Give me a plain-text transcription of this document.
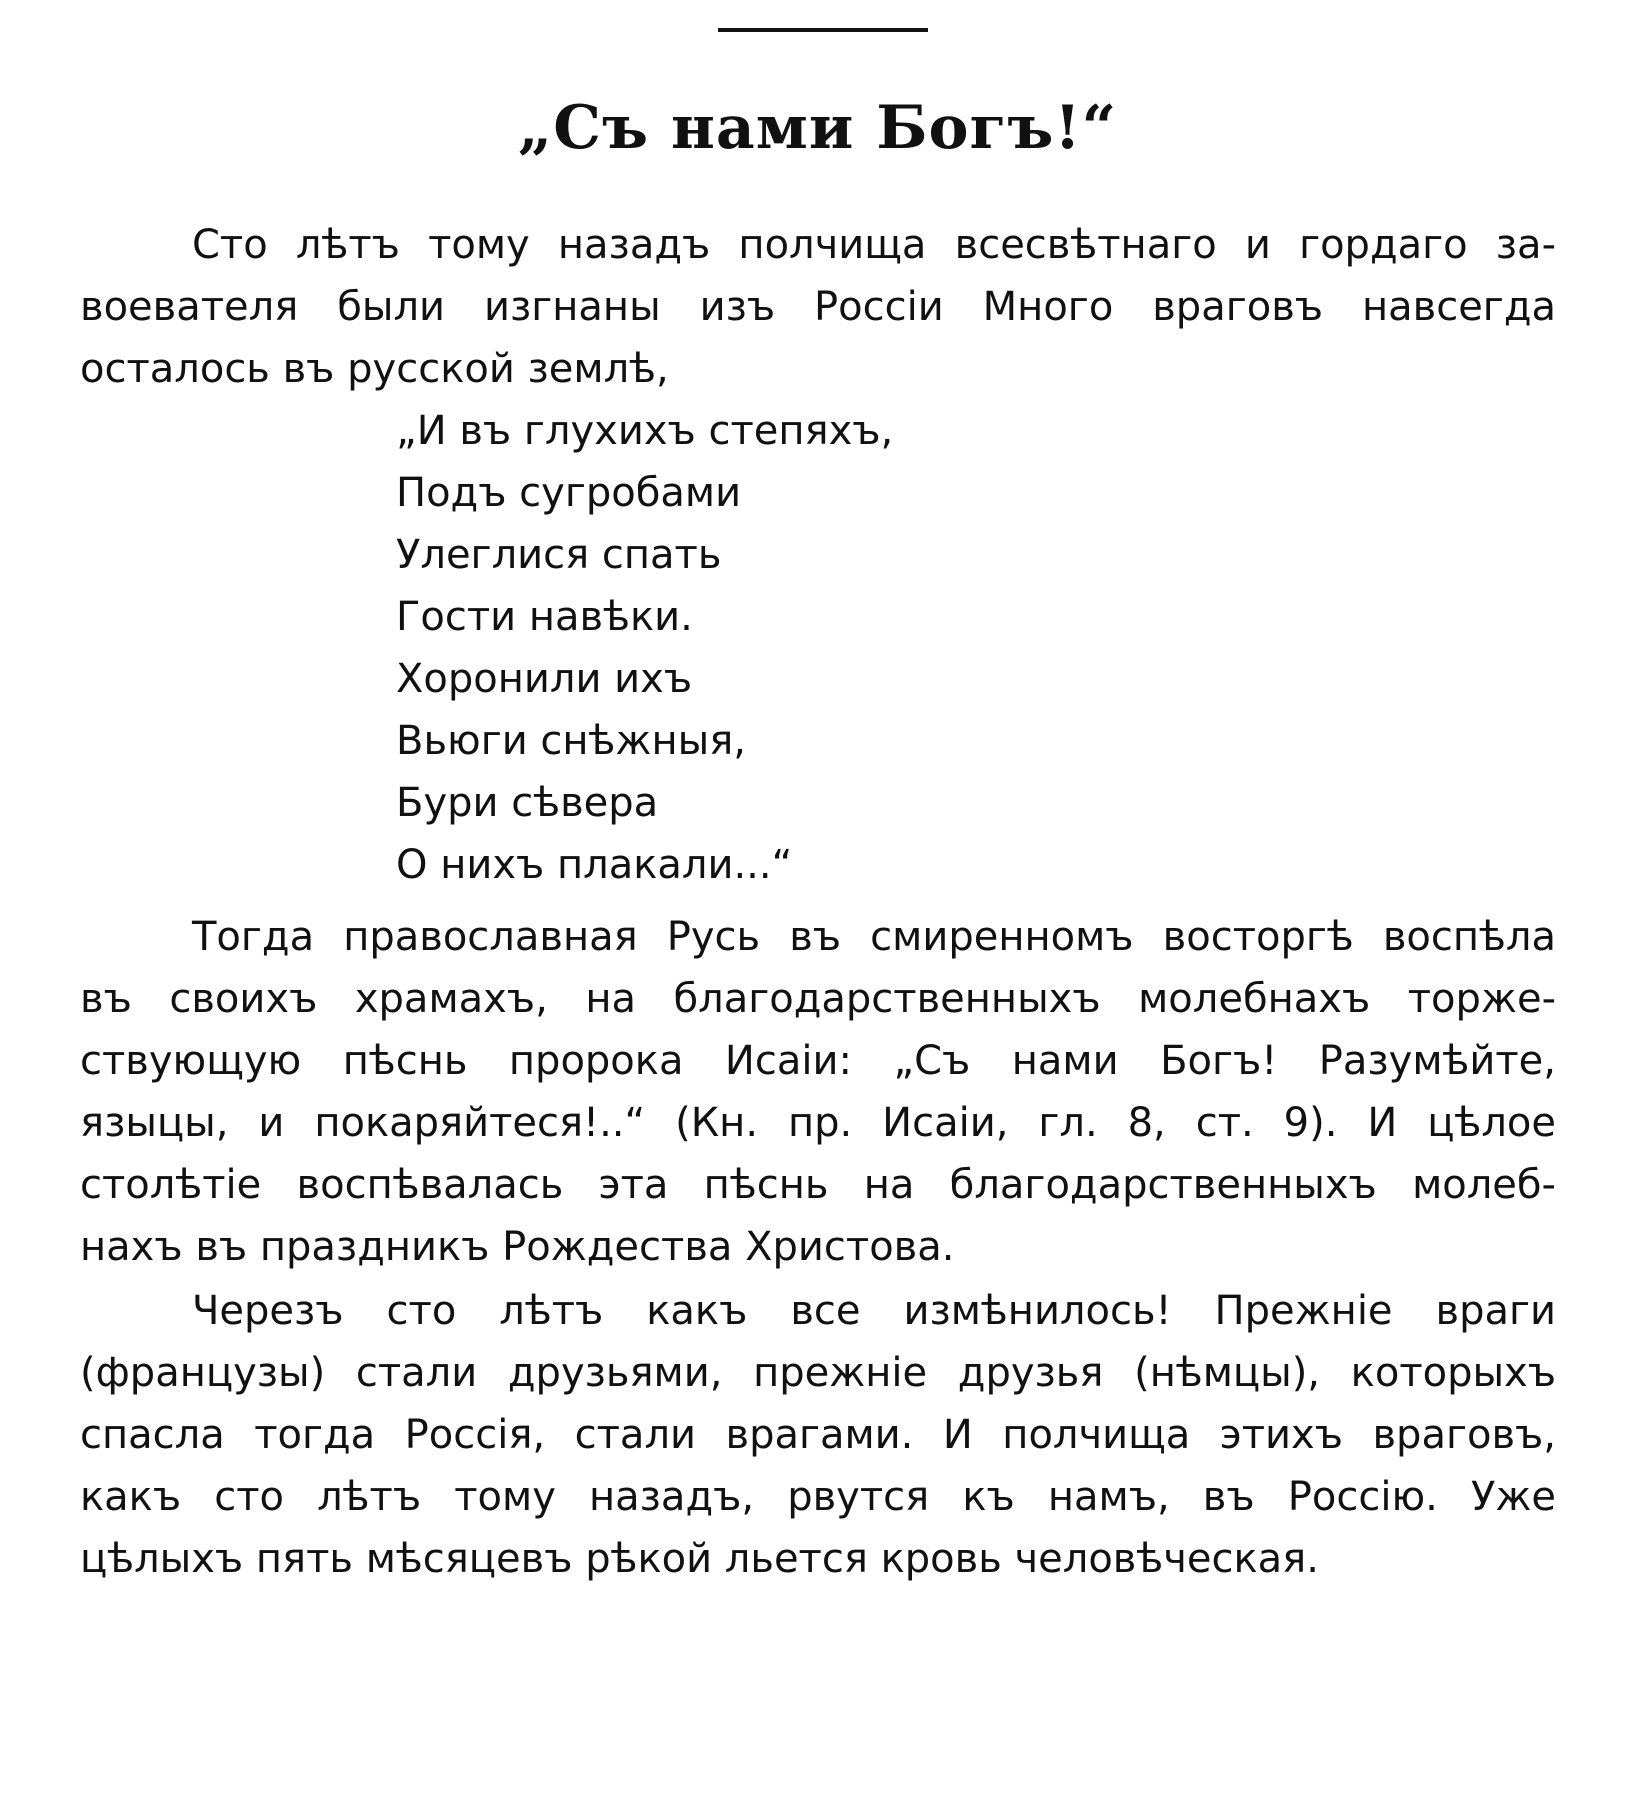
„Съ нами Богъ!“
Сто лѣтъ тому назадъ полчища всесвѣтнаго и гордаго за-
воевателя были изгнаны изъ Россіи Много враговъ навсегда
осталось въ русской землѣ,
„И въ глухихъ степяхъ,
Подъ сугробами
Улеглися спать
Гости навѣки.
Хоронили ихъ
Вьюги снѣжныя,
Бури сѣвера
О нихъ плакали...“
Тогда православная Русь въ смиренномъ восторгѣ воспѣла
въ своихъ храмахъ, на благодарственныхъ молебнахъ торже-
ствующую пѣснь пророка Исаіи: „Съ нами Богъ! Разумѣйте,
языцы, и покаряйтеся!..“ (Кн. пр. Исаіи, гл. 8, ст. 9). И цѣлое
столѣтіе воспѣвалась эта пѣснь на благодарственныхъ молеб-
нахъ въ праздникъ Рождества Христова.
Черезъ сто лѣтъ какъ все измѣнилось! Прежніе враги
(французы) стали друзьями, прежніе друзья (нѣмцы), которыхъ
спасла тогда Россія, стали врагами. И полчища этихъ враговъ,
какъ сто лѣтъ тому назадъ, рвутся къ намъ, въ Россію. Уже
цѣлыхъ пять мѣсяцевъ рѣкой льется кровь человѣческая.
